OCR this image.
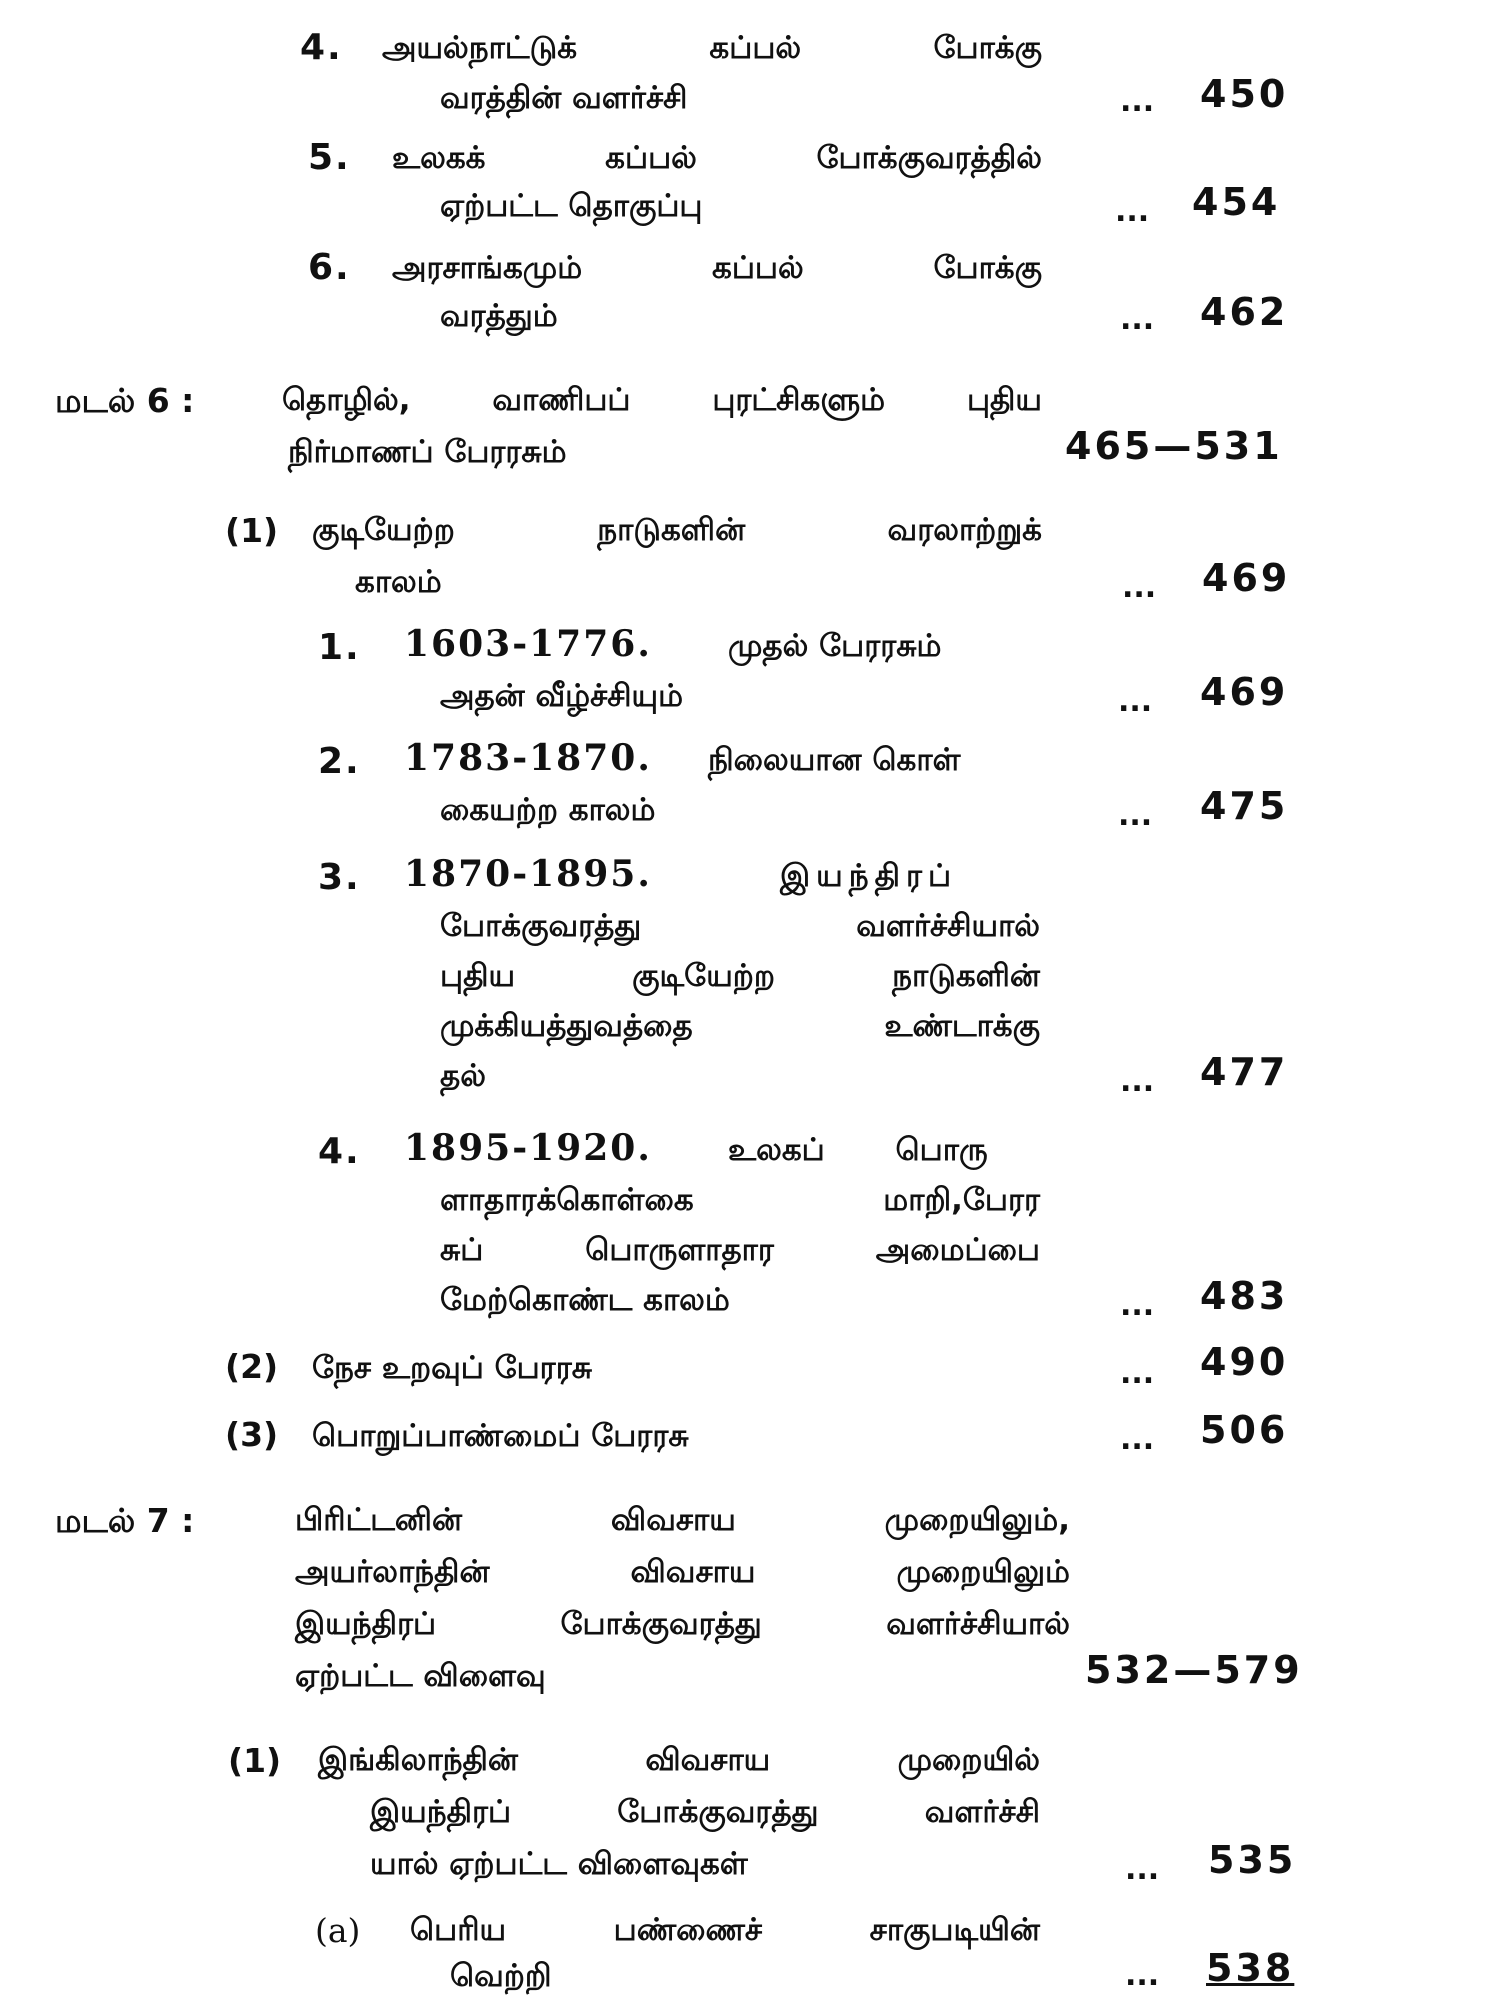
4. அயல்நாட்டுக் கப்பல் போக்கு
வரத்தின் வளர்ச்சி	... 450
5. உலகக் கப்பல் போக்குவரத்தில்
ஏற்பட்ட தொகுப்பு	... 454
6. அரசாங்கமும் கப்பல் போக்கு
வரத்தும்	... 462
மடல் 6 :	தொழில், வாணிபப் புரட்சிகளும் புதிய
நிர்மாணப் பேரரசும்	465—531
(1) குடியேற்ற நாடுகளின் வரலாற்றுக்
காலம்	... 469
1. 1603-1776. முதல் பேரரசும்
அதன் வீழ்ச்சியும்	... 469
2. 1783-1870. நிலையான கொள்
கையற்ற காலம்	... 475
3. 1870-1895.	இயந்திரப்
போக்குவரத்து வளர்ச்சியால்
புதிய குடியேற்ற நாடுகளின்
முக்கியத்துவத்தை உண்டாக்கு
தல்	... 477
4. 1895-1920. உலகப் பொரு
ளாதாரக்கொள்கை மாறி,பேரர
சுப் பொருளாதார அமைப்பை
மேற்கொண்ட காலம்	... 483
(2) நேச உறவுப் பேரரசு	... 490
(3) பொறுப்பாண்மைப் பேரரசு	... 506
மடல் 7 :	பிரிட்டனின் விவசாய முறையிலும்,
அயர்லாந்தின் விவசாய முறையிலும்
இயந்திரப் போக்குவரத்து வளர்ச்சியால்
ஏற்பட்ட விளைவு	532—579
(1) இங்கிலாந்தின் விவசாய முறையில்
இயந்திரப் போக்குவரத்து வளர்ச்சி
யால் ஏற்பட்ட விளைவுகள்	... 535
(a) பெரிய பண்ணைச் சாகுபடியின்
வெற்றி	... 538
